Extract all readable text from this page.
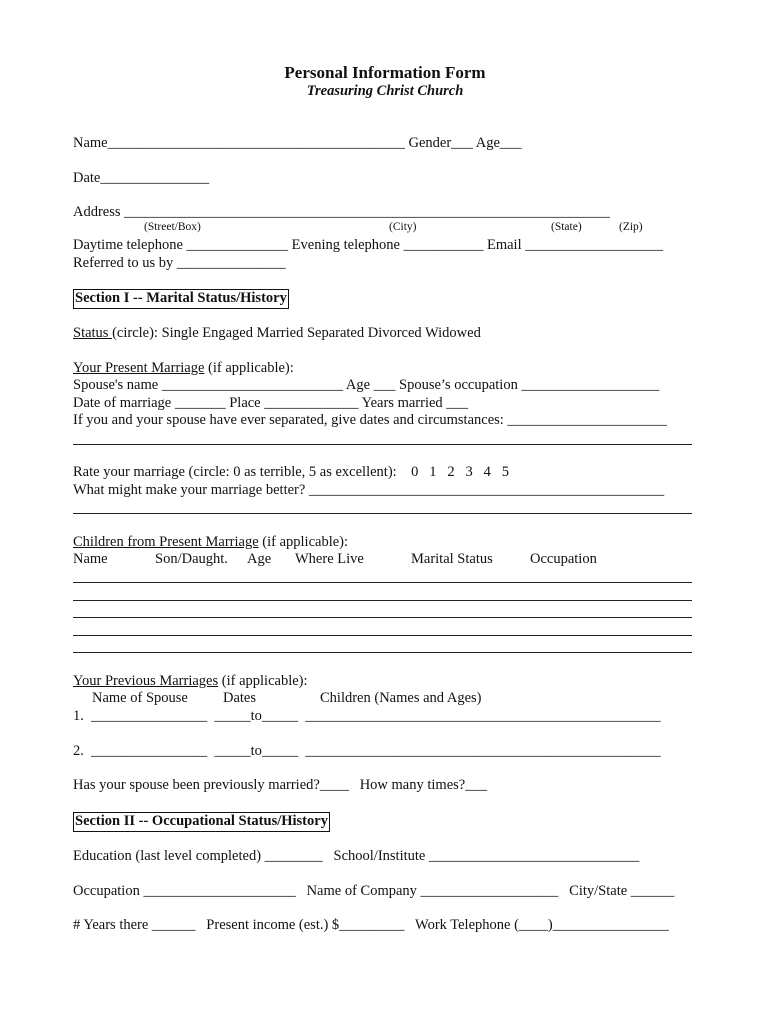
Personal Information Form
Treasuring Christ Church
Name_________________________________________ Gender___ Age___
Date_______________
Address ___________________________________________________________________
(Street/Box)	(City)	(State)	(Zip)
Daytime telephone ______________ Evening telephone ___________ Email ___________________
Referred to us by _______________
Section I -- Marital Status/History
Status (circle): Single Engaged Married Separated Divorced Widowed
Your Present Marriage (if applicable):
Spouse's name _________________________ Age ___ Spouse’s occupation ___________________
Date of marriage _______ Place _____________ Years married ___
If you and your spouse have ever separated, give dates and circumstances: ______________________
Rate your marriage (circle: 0 as terrible, 5 as excellent):    0   1   2   3   4   5
What might make your marriage better? _________________________________________________
Children from Present Marriage (if applicable):
Name	Son/Daught. Age Where Live	Marital Status	Occupation
Your Previous Marriages (if applicable):
Name of Spouse Dates	Children (Names and Ages)
1.  ________________  _____to_____  _________________________________________________
2.  ________________  _____to_____  _________________________________________________
Has your spouse been previously married?____   How many times?___
Section II -- Occupational Status/History
Education (last level completed) ________   School/Institute _____________________________
Occupation _____________________   Name of Company ___________________   City/State ______
# Years there ______   Present income (est.) $_________   Work Telephone (____)________________
